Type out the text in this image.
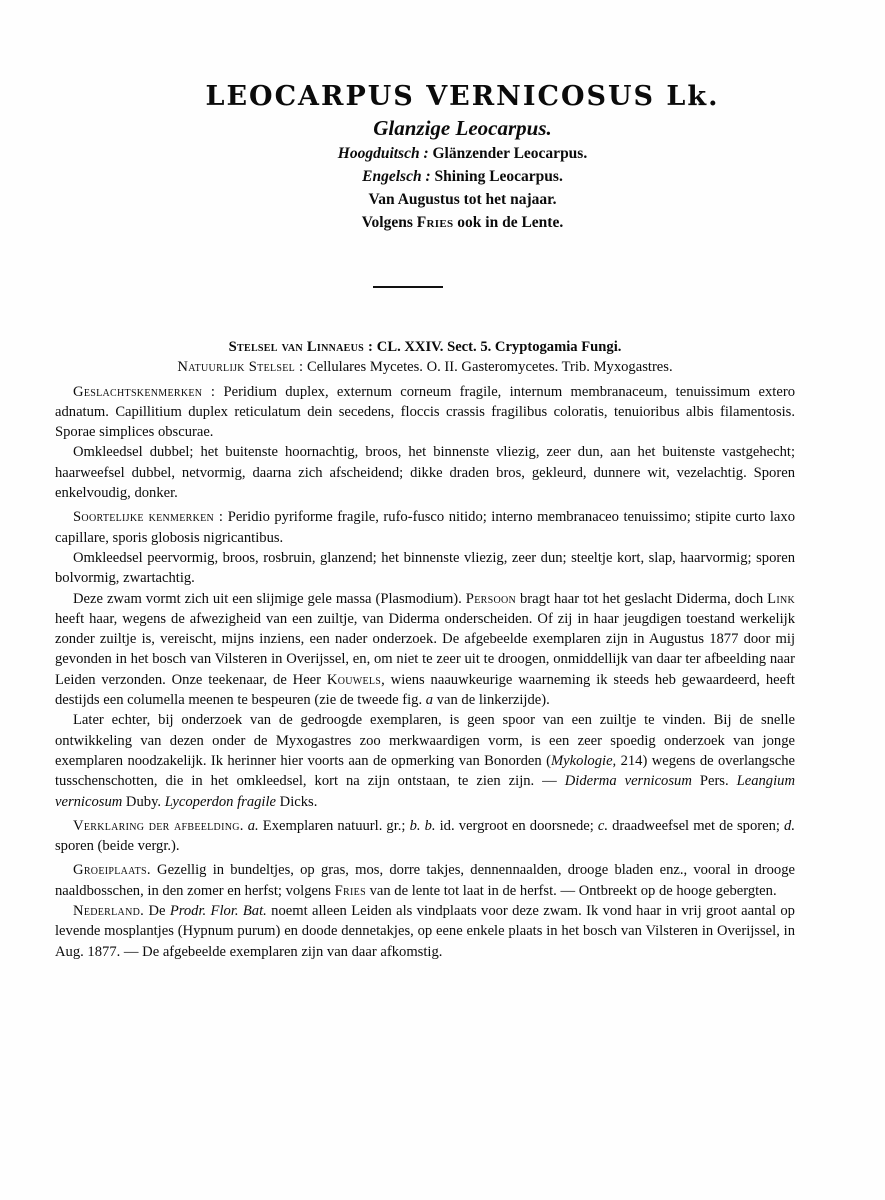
LEOCARPUS VERNICOSUS Lk.
Glanzige Leocarpus.
Hoogduitsch : Glänzender Leocarpus.
Engelsch : Shining Leocarpus.
Van Augustus tot het najaar.
Volgens Fries ook in de Lente.

Stelsel van Linnaeus : CL. XXIV. Sect. 5. Cryptogamia Fungi.

Natuurlijk Stelsel : Cellulares Mycetes. O. II. Gasteromycetes. Trib. Myxogastres.

Geslachtskenmerken : Peridium duplex, externum corneum fragile, internum membranaceum, tenuissimum extero adnatum. Capillitium duplex reticulatum dein secedens, floccis crassis fragilibus coloratis, tenuioribus albis filamentosis. Sporae simplices obscurae.

Omkleedsel dubbel; het buitenste hoornachtig, broos, het binnenste vliezig, zeer dun, aan het buitenste vastgehecht; haarweefsel dubbel, netvormig, daarna zich afscheidend; dikke draden bros, gekleurd, dunnere wit, vezelachtig. Sporen enkelvoudig, donker.

Soortelijke kenmerken : Peridio pyriforme fragile, rufo-fusco nitido; interno membranaceo tenuissimo; stipite curto laxo capillare, sporis globosis nigricantibus.

Omkleedsel peervormig, broos, rosbruin, glanzend; het binnenste vliezig, zeer dun; steeltje kort, slap, haarvormig; sporen bolvormig, zwartachtig.

Deze zwam vormt zich uit een slijmige gele massa (Plasmodium). Persoon bragt haar tot het geslacht Diderma, doch Link heeft haar, wegens de afwezigheid van een zuiltje, van Diderma onderscheiden. Of zij in haar jeugdigen toestand werkelijk zonder zuiltje is, vereischt, mijns inziens, een nader onderzoek. De afgebeelde exemplaren zijn in Augustus 1877 door mij gevonden in het bosch van Vilsteren in Overijssel, en, om niet te zeer uit te droogen, onmiddellijk van daar ter afbeelding naar Leiden verzonden. Onze teekenaar, de Heer Kouwels, wiens naauwkeurige waarneming ik steeds heb gewaardeerd, heeft destijds een columella meenen te bespeuren (zie de tweede fig. a van de linkerzijde).

Later echter, bij onderzoek van de gedroogde exemplaren, is geen spoor van een zuiltje te vinden. Bij de snelle ontwikkeling van dezen onder de Myxogastres zoo merkwaardigen vorm, is een zeer spoedig onderzoek van jonge exemplaren noodzakelijk. Ik herinner hier voorts aan de opmerking van Bonorden (Mykologie, 214) wegens de overlangsche tusschenschotten, die in het omkleedsel, kort na zijn ontstaan, te zien zijn. — Diderma vernicosum Pers. Leangium vernicosum Duby. Lycoperdon fragile Dicks.

Verklaring der afbeelding. a. Exemplaren natuurl. gr.; b. b. id. vergroot en doorsnede; c. draadweefsel met de sporen; d. sporen (beide vergr.).

Groeiplaats. Gezellig in bundeltjes, op gras, mos, dorre takjes, dennennaalden, drooge bladen enz., vooral in drooge naaldbosschen, in den zomer en herfst; volgens Fries van de lente tot laat in de herfst. — Ontbreekt op de hooge gebergten.

Nederland. De Prodr. Flor. Bat. noemt alleen Leiden als vindplaats voor deze zwam. Ik vond haar in vrij groot aantal op levende mosplantjes (Hypnum purum) en doode dennetakjes, op eene enkele plaats in het bosch van Vilsteren in Overijssel, in Aug. 1877. — De afgebeelde exemplaren zijn van daar afkomstig.
